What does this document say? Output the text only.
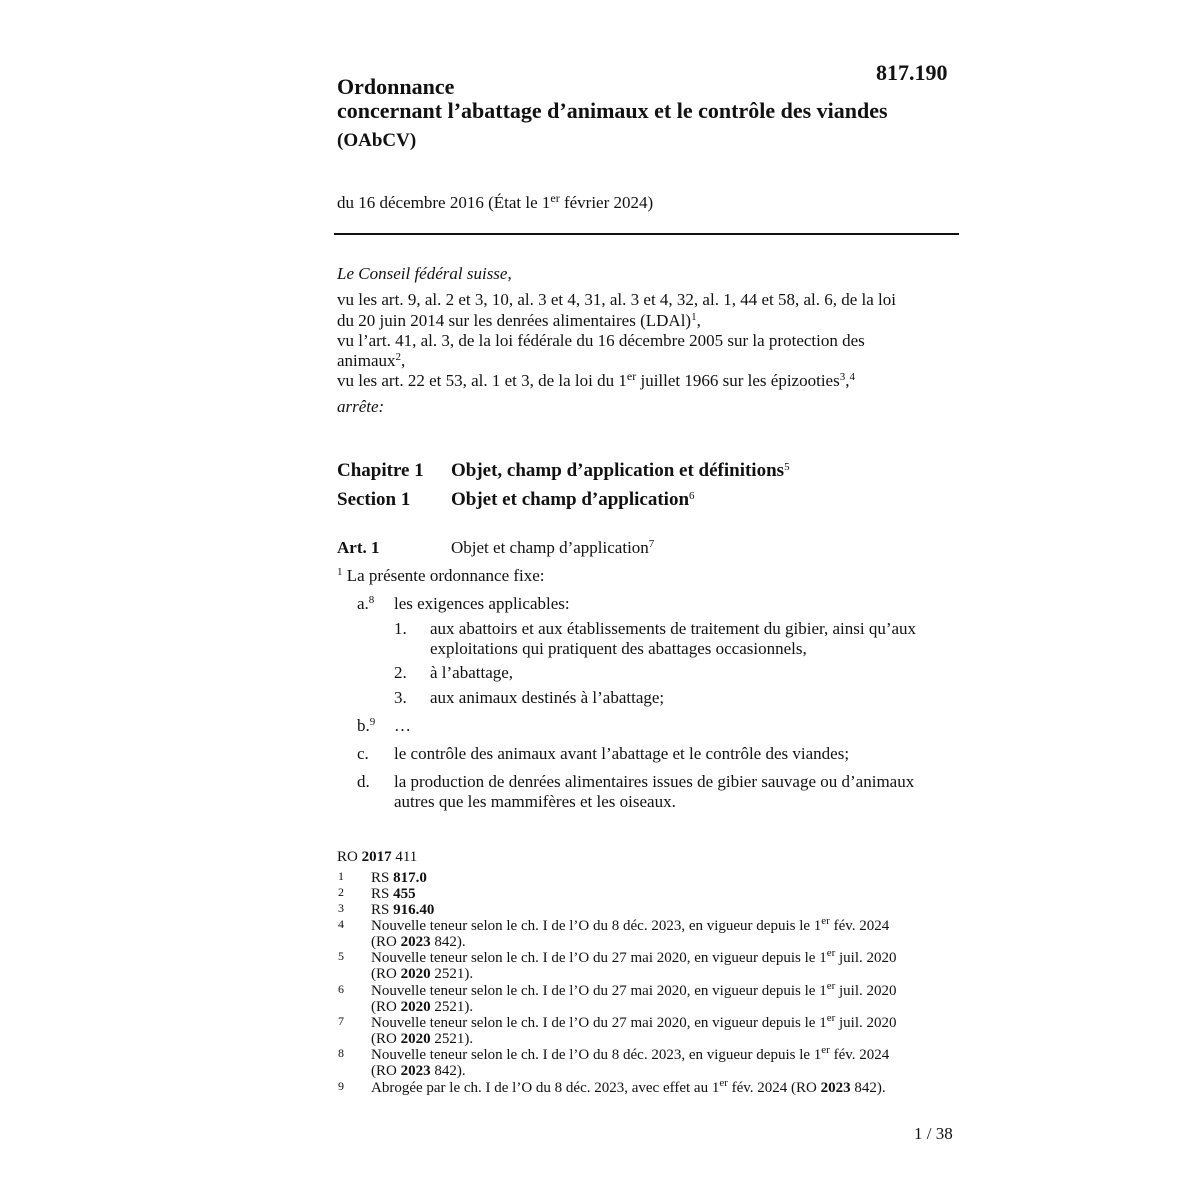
817.190
Ordonnance
concernant l’abattage d’animaux et le contrôle des viandes
(OAbCV)
du 16 décembre 2016 (État le 1er février 2024)
Le Conseil fédéral suisse,
vu les art. 9, al. 2 et 3, 10, al. 3 et 4, 31, al. 3 et 4, 32, al. 1, 44 et 58, al. 6, de la loi
du 20 juin 2014 sur les denrées alimentaires (LDAl)$^1$,
vu l’art. 41, al. 3, de la loi fédérale du 16 décembre 2005 sur la protection des
animaux$^2$,
vu les art. 22 et 53, al. 1 et 3, de la loi du 1er juillet 1966 sur les épizooties$^3$,$^4$
arrête:
Chapitre 1 Objet, champ d’application et définitions$^5$
Section 1 Objet et champ d’application$^6$
Art. 1	Objet et champ d’application$^7$
$^1$ La présente ordonnance fixe:
a.$^8$ les exigences applicables:
1. aux abattoirs et aux établissements de traitement du gibier, ainsi qu’aux
exploitations qui pratiquent des abattages occasionnels,
2. à l’abattage,
3. aux animaux destinés à l’abattage;
b.$^9$ …
c. le contrôle des animaux avant l’abattage et le contrôle des viandes;
d. la production de denrées alimentaires issues de gibier sauvage ou d’animaux
autres que les mammifères et les oiseaux.
RO 2017 411
1 RS 817.0
2 RS 455
3 RS 916.40
4 Nouvelle teneur selon le ch. I de l’O du 8 déc. 2023, en vigueur depuis le 1er fév. 2024
(RO 2023 842).
5 Nouvelle teneur selon le ch. I de l’O du 27 mai 2020, en vigueur depuis le 1er juil. 2020
(RO 2020 2521).
6 Nouvelle teneur selon le ch. I de l’O du 27 mai 2020, en vigueur depuis le 1er juil. 2020
(RO 2020 2521).
7 Nouvelle teneur selon le ch. I de l’O du 27 mai 2020, en vigueur depuis le 1er juil. 2020
(RO 2020 2521).
8 Nouvelle teneur selon le ch. I de l’O du 8 déc. 2023, en vigueur depuis le 1er fév. 2024
(RO 2023 842).
9 Abrogée par le ch. I de l’O du 8 déc. 2023, avec effet au 1er fév. 2024 (RO 2023 842).
1 / 38
